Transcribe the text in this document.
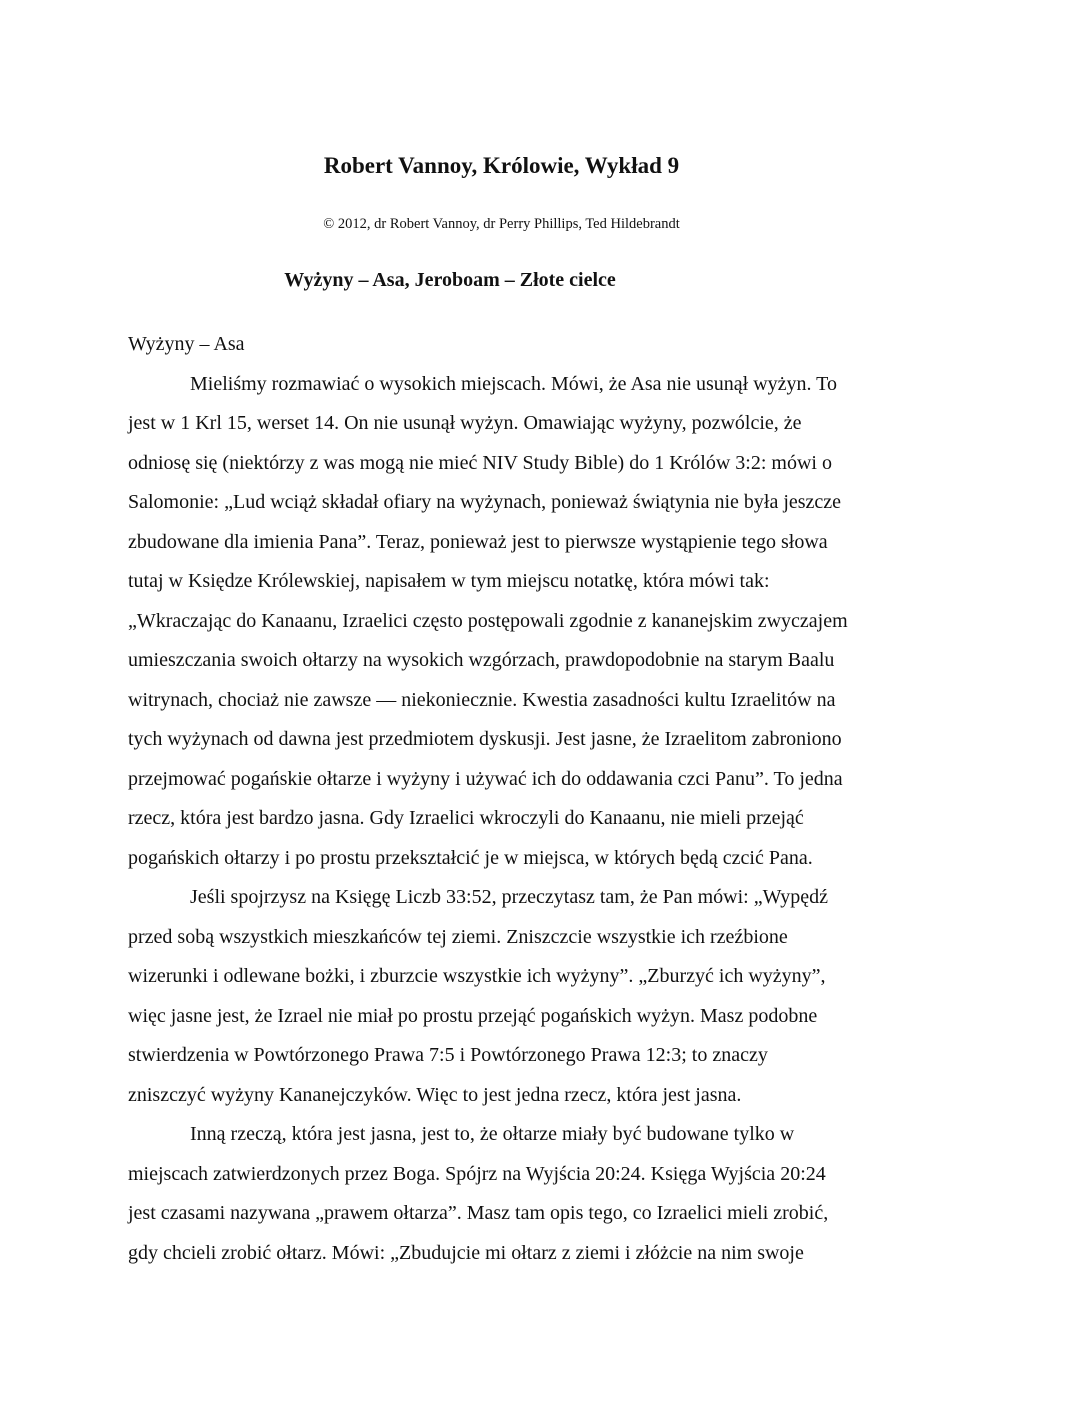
Robert Vannoy, Królowie, Wykład 9

© 2012, dr Robert Vannoy, dr Perry Phillips, Ted Hildebrandt

Wyżyny – Asa, Jeroboam – Złote cielce
Wyżyny – Asa

Mieliśmy rozmawiać o wysokich miejscach. Mówi, że Asa nie usunął wyżyn. To
jest w 1 Krl 15, werset 14. On nie usunął wyżyn. Omawiając wyżyny, pozwólcie, że
odniosę się (niektórzy z was mogą nie mieć NIV Study Bible) do 1 Królów 3:2: mówi o
Salomonie: „Lud wciąż składał ofiary na wyżynach, ponieważ świątynia nie była jeszcze
zbudowane dla imienia Pana”. Teraz, ponieważ jest to pierwsze wystąpienie tego słowa
tutaj w Księdze Królewskiej, napisałem w tym miejscu notatkę, która mówi tak:
„Wkraczając do Kanaanu, Izraelici często postępowali zgodnie z kananejskim zwyczajem
umieszczania swoich ołtarzy na wysokich wzgórzach, prawdopodobnie na starym Baalu
witrynach, chociaż nie zawsze — niekoniecznie. Kwestia zasadności kultu Izraelitów na
tych wyżynach od dawna jest przedmiotem dyskusji. Jest jasne, że Izraelitom zabroniono
przejmować pogańskie ołtarze i wyżyny i używać ich do oddawania czci Panu”. To jedna
rzecz, która jest bardzo jasna. Gdy Izraelici wkroczyli do Kanaanu, nie mieli przejąć
pogańskich ołtarzy i po prostu przekształcić je w miejsca, w których będą czcić Pana.

Jeśli spojrzysz na Księgę Liczb 33:52, przeczytasz tam, że Pan mówi: „Wypędź
przed sobą wszystkich mieszkańców tej ziemi. Zniszczcie wszystkie ich rzeźbione
wizerunki i odlewane bożki, i zburzcie wszystkie ich wyżyny”. „Zburzyć ich wyżyny”,
więc jasne jest, że Izrael nie miał po prostu przejąć pogańskich wyżyn. Masz podobne
stwierdzenia w Powtórzonego Prawa 7:5 i Powtórzonego Prawa 12:3; to znaczy
zniszczyć wyżyny Kananejczyków. Więc to jest jedna rzecz, która jest jasna.

Inną rzeczą, która jest jasna, jest to, że ołtarze miały być budowane tylko w
miejscach zatwierdzonych przez Boga. Spójrz na Wyjścia 20:24. Księga Wyjścia 20:24
jest czasami nazywana „prawem ołtarza”. Masz tam opis tego, co Izraelici mieli zrobić,
gdy chcieli zrobić ołtarz. Mówi: „Zbudujcie mi ołtarz z ziemi i złóżcie na nim swoje
